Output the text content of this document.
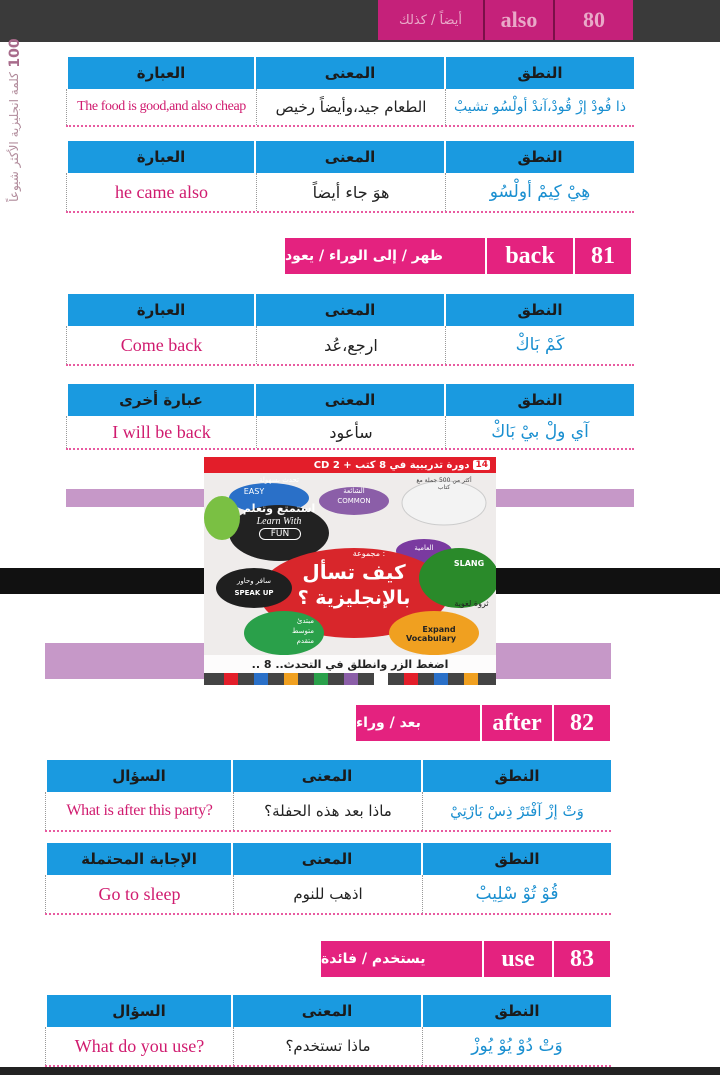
80
also
أيضاً / كذلك
100
كلمة انجليزية الأكثر شيوعاً	النطق
المعنى
العبارة
ذا فُودْ إزْ قُودْ،آندْ أولْسُو تشيبْ
الطعام جيد،وأيضاً رخيص
The food is good,and also cheap
النطق
المعنى
العبارة
هِيْ كِيمْ أولْسُو
هوَ جاء أيضاً
he came also
81
back
ظهر / إلى الوراء / يعود
النطق
المعنى
العبارة
كَمْ بَاكْ
ارجع،عُد
Come back
النطق
المعنى
عبارة أخرى
آي ولْ بيْ بَاكْ
سأعود
I will be back
دورة تدريبية في 8 كتب + CD 2 14
تحدث بسهولة
EASY	الشائعة
COMMON
استمتع وتعلم
Learn With
FUN
أكثر من 500 جملة مع كتاب
العامية
SLANG
مجموعة :
كيف تسأل
بالإنجليزية ؟
سافر وحاور
SPEAK UP
ثروة لغوية
Expand
Vocabulary
مبتدئ
متوسط
متقدم
اضغط الزر وانطلق في التحدث.. 8 ..
82
after
بعد / وراء
النطق
المعنى
السؤال
وَتْ إزْ آفْتَرْ ذِسْ بَارْتِيْ
ماذا بعد هذه الحفلة؟
What is after this party?
النطق
المعنى
الإجابة المحتملة
قُوْ تُوْ سْلِيبْ
اذهب للنوم
Go to sleep
83
use
يستخدم / فائدة
النطق
المعنى
السؤال
وَتْ دُوْ يُوْ يُوزْ
ماذا تستخدم؟
What do you use?
